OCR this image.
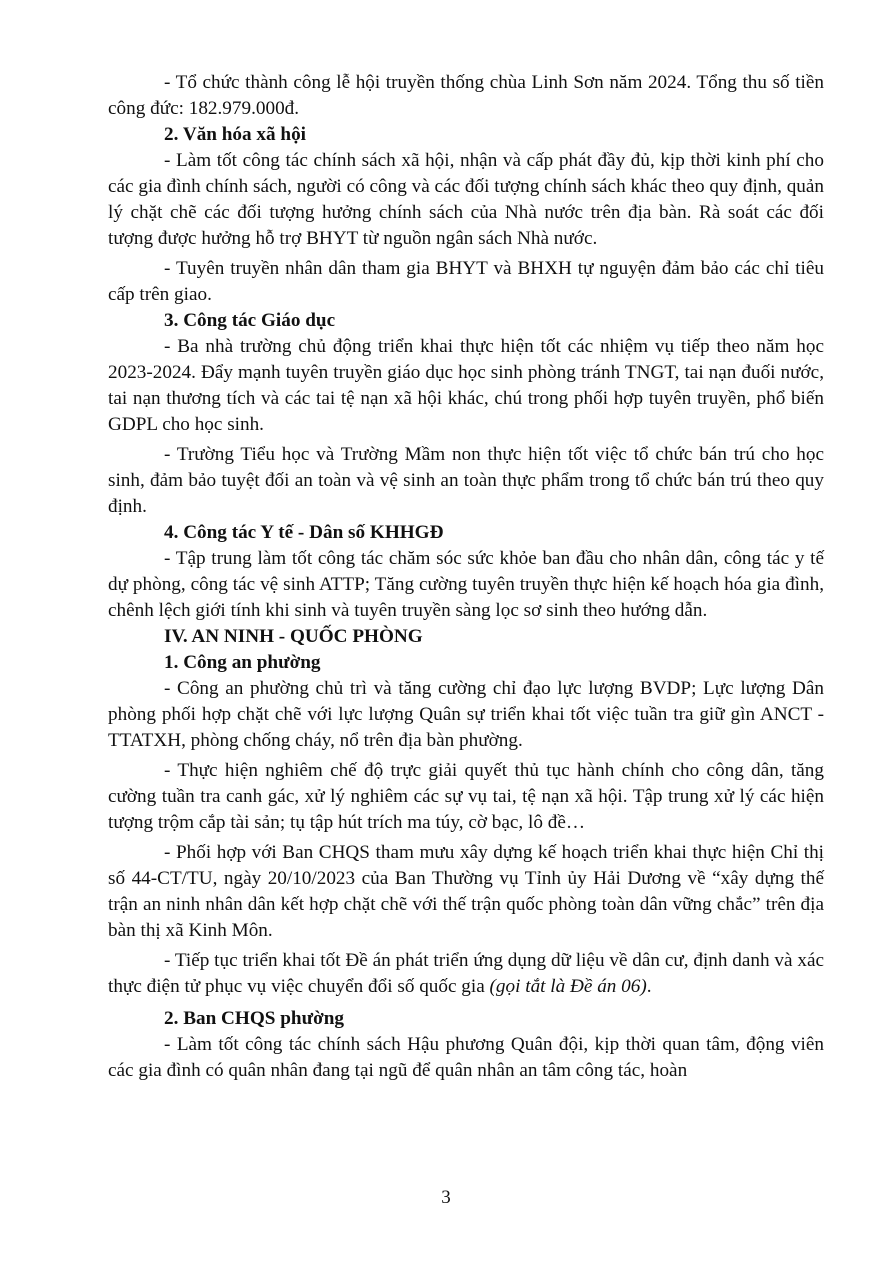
- Tổ chức thành công lễ hội truyền thống chùa Linh Sơn năm 2024. Tổng thu số tiền công đức: 182.979.000đ.

2. Văn hóa xã hội

- Làm tốt công tác chính sách xã hội, nhận và cấp phát đầy đủ, kịp thời kinh phí cho các gia đình chính sách, người có công và các đối tượng chính sách khác theo quy định, quản lý chặt chẽ các đối tượng hưởng chính sách của Nhà nước trên địa bàn. Rà soát các đối tượng được hưởng hỗ trợ BHYT từ nguồn ngân sách Nhà nước.

- Tuyên truyền nhân dân tham gia BHYT và BHXH tự nguyện đảm bảo các chỉ tiêu cấp trên giao.

3. Công tác Giáo dục

- Ba nhà trường chủ động triển khai thực hiện tốt các nhiệm vụ tiếp theo năm học 2023-2024. Đẩy mạnh tuyên truyền giáo dục học sinh phòng tránh TNGT, tai nạn đuối nước, tai nạn thương tích và các tai tệ nạn xã hội khác, chú trong phối hợp tuyên truyền, phổ biến GDPL cho học sinh.

- Trường Tiểu học và Trường Mầm non thực hiện tốt việc tổ chức bán trú cho học sinh, đảm bảo tuyệt đối an toàn và vệ sinh an toàn thực phẩm trong tổ chức bán trú theo quy định.

4. Công tác Y tế - Dân số KHHGĐ

- Tập trung làm tốt công tác chăm sóc sức khỏe ban đầu cho nhân dân, công tác y tế dự phòng, công tác vệ sinh ATTP; Tăng cường tuyên truyền thực hiện kế hoạch hóa gia đình, chênh lệch giới tính khi sinh và tuyên truyền sàng lọc sơ sinh theo hướng dẫn.

IV. AN NINH - QUỐC PHÒNG

1. Công an phường

- Công an phường chủ trì và tăng cường chỉ đạo lực lượng BVDP; Lực lượng Dân phòng phối hợp chặt chẽ với lực lượng Quân sự triển khai tốt việc tuần tra giữ gìn ANCT - TTATXH, phòng chống cháy, nổ trên địa bàn phường.

- Thực hiện nghiêm chế độ trực giải quyết thủ tục hành chính cho công dân, tăng cường tuần tra canh gác, xử lý nghiêm các sự vụ tai, tệ nạn xã hội. Tập trung xử lý các hiện tượng trộm cắp tài sản; tụ tập hút trích ma túy, cờ bạc, lô đề…

- Phối hợp với Ban CHQS tham mưu xây dựng kế hoạch triển khai thực hiện Chỉ thị số 44-CT/TU, ngày 20/10/2023 của Ban Thường vụ Tỉnh ủy Hải Dương về “xây dựng thế trận an ninh nhân dân kết hợp chặt chẽ với thế trận quốc phòng toàn dân vững chắc” trên địa bàn thị xã Kinh Môn.

- Tiếp tục triển khai tốt Đề án phát triển ứng dụng dữ liệu về dân cư, định danh và xác thực điện tử phục vụ việc chuyển đổi số quốc gia (gọi tắt là Đề án 06).

2. Ban CHQS phường

- Làm tốt công tác chính sách Hậu phương Quân đội, kịp thời quan tâm, động viên các gia đình có quân nhân đang tại ngũ để quân nhân an tâm công tác, hoàn

3
